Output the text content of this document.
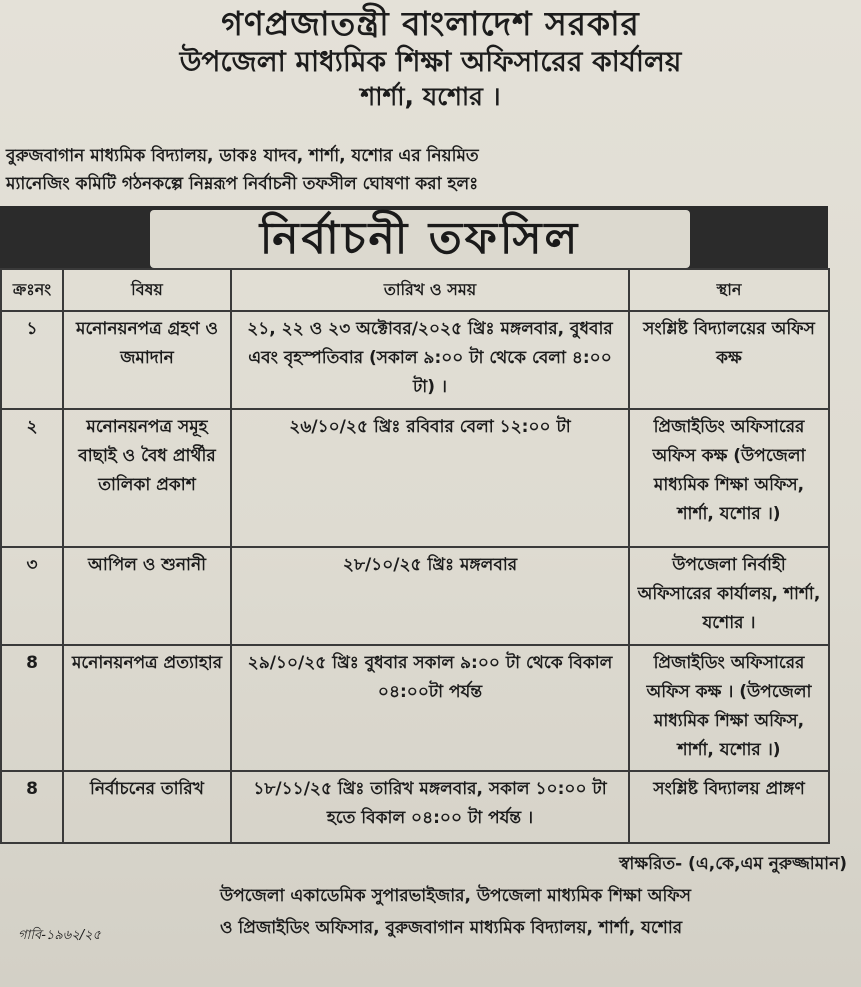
গণপ্রজাতন্ত্রী বাংলাদেশ সরকার
উপজেলা মাধ্যমিক শিক্ষা অফিসারের কার্যালয়
শার্শা, যশোর ।
বুরুজবাগান মাধ্যমিক বিদ্যালয়, ডাকঃ যাদব, শার্শা, যশোর এর নিয়মিত
ম্যানেজিং কমিটি গঠনকল্পে নিম্নরূপ নির্বাচনী তফসীল ঘোষণা করা হলঃ
নির্বাচনী তফসিল
ক্রঃনং	বিষয়	তারিখ ও সময়	স্থান
১	মনোনয়নপত্র গ্রহণ ও জমাদান	২১, ২২ ও ২৩ অক্টোবর/২০২৫ খ্রিঃ মঙ্গলবার, বুধবার এবং বৃহস্পতিবার (সকাল ৯:০০ টা থেকে বেলা ৪:০০ টা) ।	সংশ্লিষ্ট বিদ্যালয়ের অফিস কক্ষ
২	মনোনয়নপত্র সমূহ বাছাই ও বৈধ প্রার্থীর তালিকা প্রকাশ	২৬/১০/২৫ খ্রিঃ রবিবার বেলা ১২:০০ টা	প্রিজাইডিং অফিসারের অফিস কক্ষ (উপজেলা মাধ্যমিক শিক্ষা অফিস, শার্শা, যশোর ।)
৩	আপিল ও শুনানী	২৮/১০/২৫ খ্রিঃ মঙ্গলবার	উপজেলা নির্বাহী অফিসারের কার্যালয়, শার্শা, যশোর ।
8	মনোনয়নপত্র প্রত্যাহার	২৯/১০/২৫ খ্রিঃ বুধবার সকাল ৯:০০ টা থেকে বিকাল ০৪:০০টা পর্যন্ত	প্রিজাইডিং অফিসারের অফিস কক্ষ । (উপজেলা মাধ্যমিক শিক্ষা অফিস, শার্শা, যশোর ।)
8	নির্বাচনের তারিখ	১৮/১১/২৫ খ্রিঃ তারিখ মঙ্গলবার, সকাল ১০:০০ টা হতে বিকাল ০৪:০০ টা পর্যন্ত ।	সংশ্লিষ্ট বিদ্যালয় প্রাঙ্গণ
স্বাক্ষরিত- (এ,কে,এম নুরুজ্জামান)
উপজেলা একাডেমিক সুপারভাইজার, উপজেলা মাধ্যমিক শিক্ষা অফিস
ও প্রিজাইডিং অফিসার, বুরুজবাগান মাধ্যমিক বিদ্যালয়, শার্শা, যশোর
গাবি-১৯৬২/২৫
